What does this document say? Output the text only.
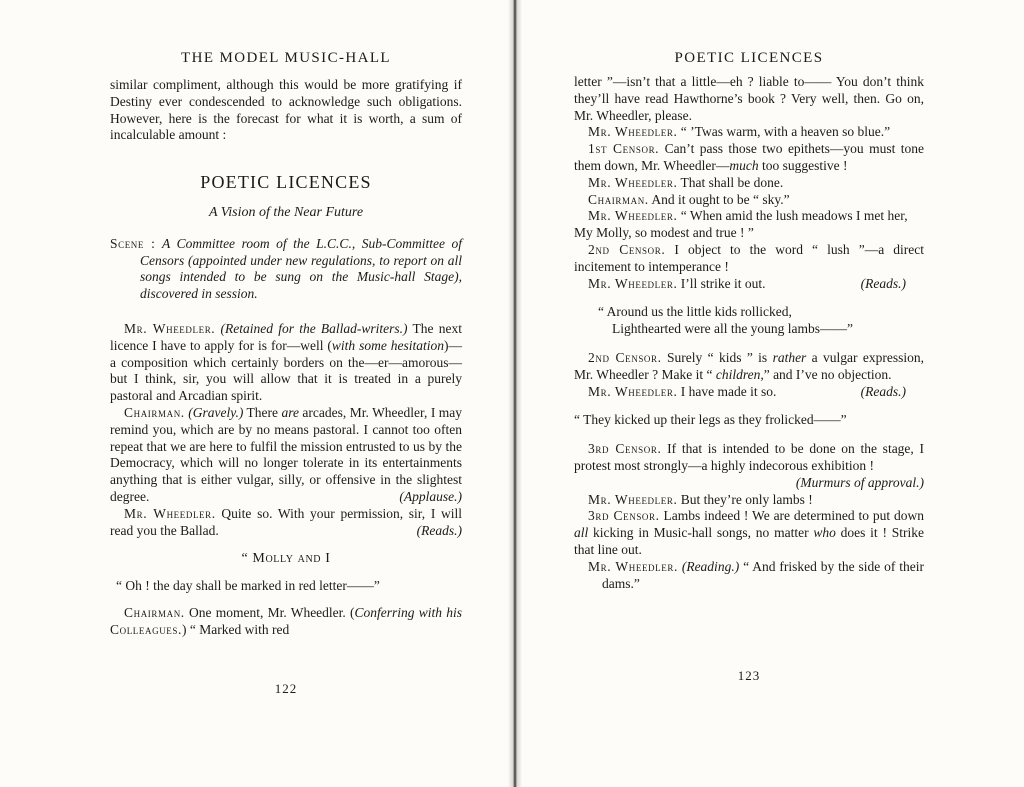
THE MODEL MUSIC-HALL

similar compliment, although this would be more gratifying if Destiny ever condescended to acknowledge such obligations. However, here is the forecast for what it is worth, a sum of incalculable amount :

POETIC LICENCES
A Vision of the Near Future

Scene : A Committee room of the L.C.C., Sub-Committee of Censors (appointed under new regulations, to report on all songs intended to be sung on the Music-hall Stage), discovered in session.

Mr. Wheedler. (Retained for the Ballad-writers.) The next licence I have to apply for is for—well (with some hesitation)—a composition which certainly borders on the—er—amorous—but I think, sir, you will allow that it is treated in a purely pastoral and Arcadian spirit.

Chairman. (Gravely.) There are arcades, Mr. Wheedler, I may remind you, which are by no means pastoral. I cannot too often repeat that we are here to fulfil the mission entrusted to us by the Democracy, which will no longer tolerate in its entertainments anything that is either vulgar, silly, or offensive in the slightest degree.	(Applause.)

Mr. Wheedler. Quite so. With your permission, sir, I will read you the Ballad.	(Reads.)

“ Molly and I

“ Oh ! the day shall be marked in red letter——”

Chairman. One moment, Mr. Wheedler. (Conferring with his Colleagues.) “ Marked with red

122
POETIC LICENCES

letter ”—isn’t that a little—eh ? liable to—— You don’t think they’ll have read Hawthorne’s book ? Very well, then. Go on, Mr. Wheedler, please.

Mr. Wheedler. “ ’Twas warm, with a heaven so blue.”

1st Censor. Can’t pass those two epithets—you must tone them down, Mr. Wheedler—much too suggestive !

Mr. Wheedler. That shall be done.

Chairman. And it ought to be “ sky.”

Mr. Wheedler. “ When amid the lush meadows I met her,

My Molly, so modest and true ! ”

2nd Censor. I object to the word “ lush ”—a direct incitement to intemperance !

Mr. Wheedler. I’ll strike it out.	(Reads.)

“ Around us the little kids rollicked,

Lighthearted were all the young lambs——”

2nd Censor. Surely “ kids ” is rather a vulgar expression, Mr. Wheedler ? Make it “ children,” and I’ve no objection.

Mr. Wheedler. I have made it so.	(Reads.)

“ They kicked up their legs as they frolicked——”

3rd Censor. If that is intended to be done on the stage, I protest most strongly—a highly indecorous exhibition !
(Murmurs of approval.)

Mr. Wheedler. But they’re only lambs !

3rd Censor. Lambs indeed ! We are determined to put down all kicking in Music-hall songs, no matter who does it ! Strike that line out.

Mr. Wheedler. (Reading.) “ And frisked by the side of their dams.”

123
